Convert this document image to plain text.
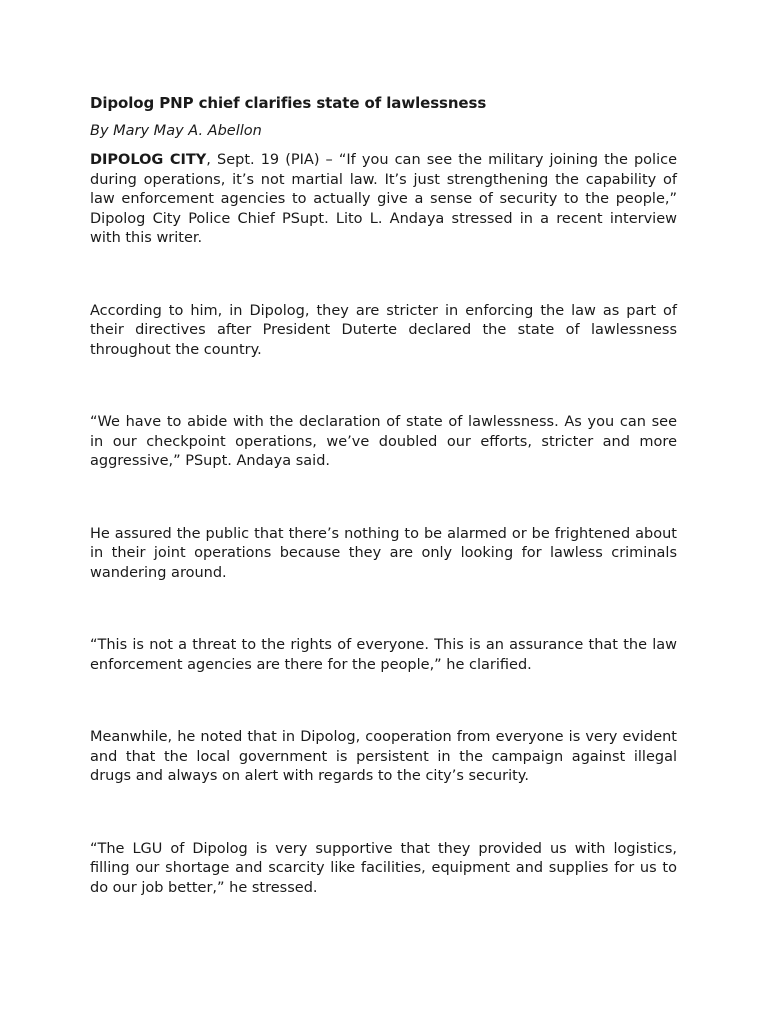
Dipolog PNP chief clarifies state of lawlessness

By Mary May A. Abellon

DIPOLOG CITY, Sept. 19 (PIA) – “If you can see the military joining the police during operations, it’s not martial law. It’s just strengthening the capability of law enforcement agencies to actually give a sense of security to the people,” Dipolog City Police Chief PSupt. Lito L. Andaya stressed in a recent interview with this writer.

According to him, in Dipolog, they are stricter in enforcing the law as part of their directives after President Duterte declared the state of lawlessness throughout the country.

“We have to abide with the declaration of state of lawlessness. As you can see in our checkpoint operations, we’ve doubled our efforts, stricter and more aggressive,” PSupt. Andaya said.

He assured the public that there’s nothing to be alarmed or be frightened about in their joint operations because they are only looking for lawless criminals wandering around.

“This is not a threat to the rights of everyone. This is an assurance that the law enforcement agencies are there for the people,” he clarified.

Meanwhile, he noted that in Dipolog, cooperation from everyone is very evident and that the local government is persistent in the campaign against illegal drugs and always on alert with regards to the city’s security.

“The LGU of Dipolog is very supportive that they provided us with logistics, filling our shortage and scarcity like facilities, equipment and supplies for us to do our job better,” he stressed.
